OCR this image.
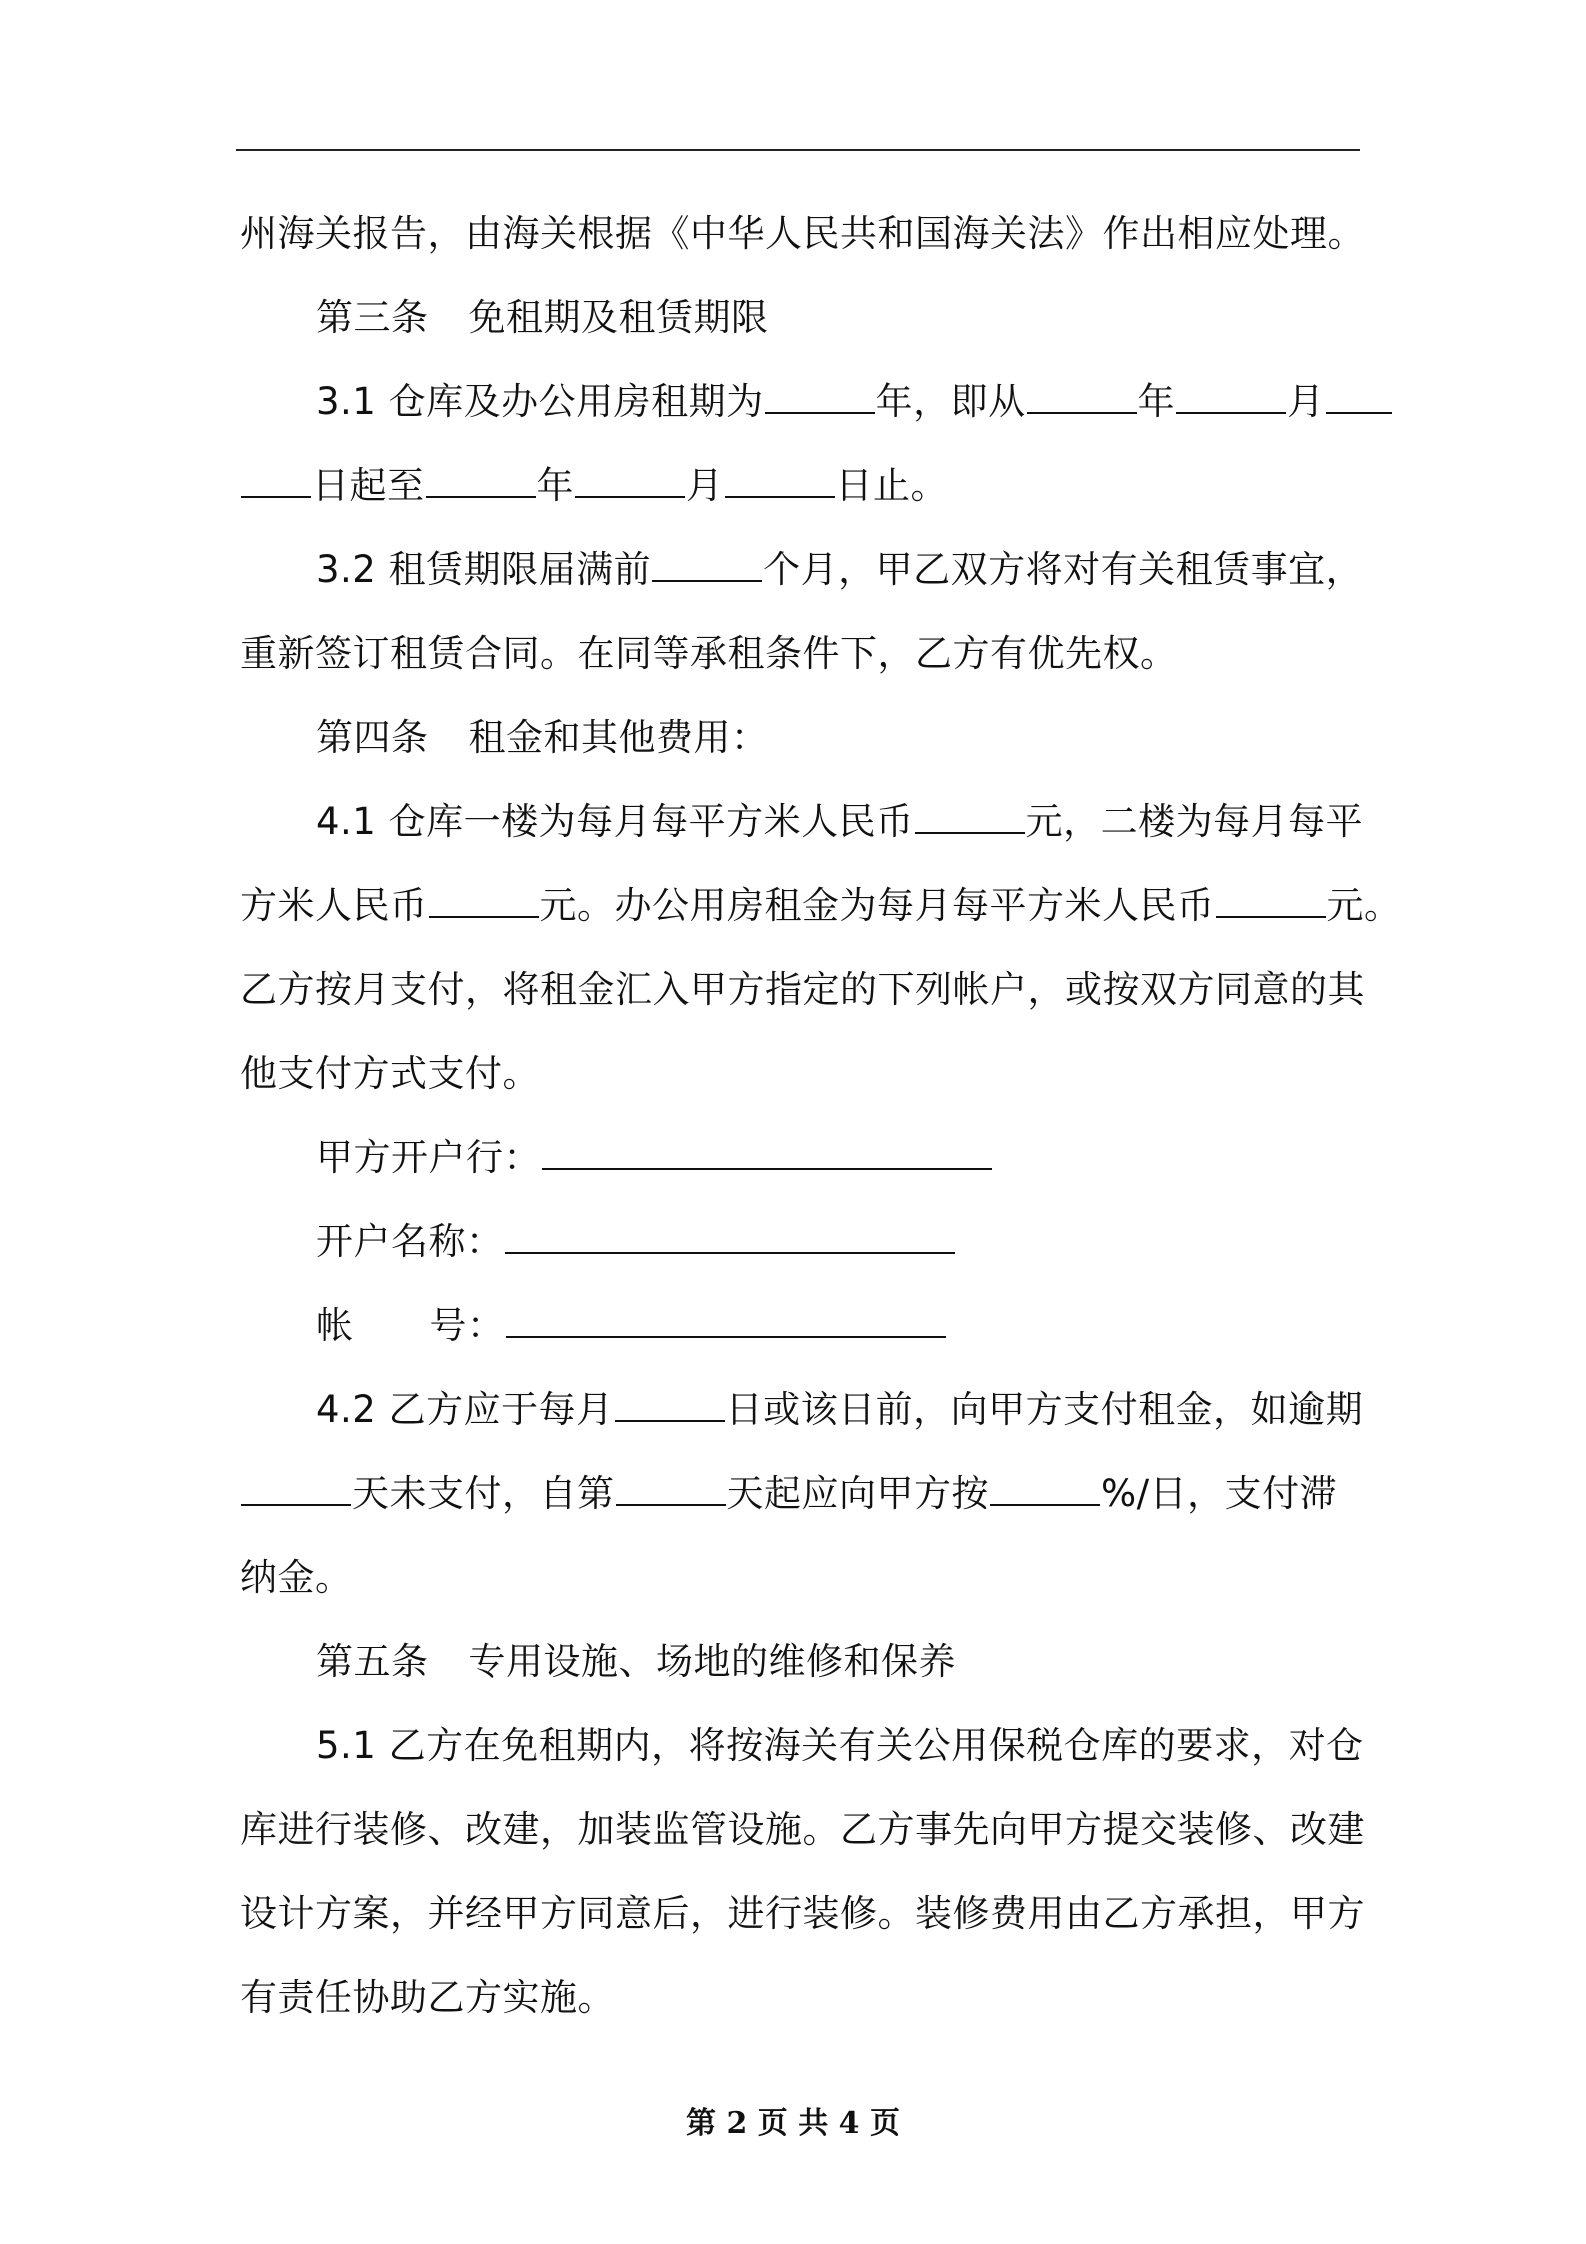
州海关报告，由海关根据《中华人民共和国海关法》作出相应处理。
第三条 免租期及租赁期限
3.1 仓库及办公用房租期为	年，即从	年	月
日起至	年	月	日止。
3.2 租赁期限届满前	个月，甲乙双方将对有关租赁事宜，
重新签订租赁合同。在同等承租条件下，乙方有优先权。
第四条 租金和其他费用：
4.1 仓库一楼为每月每平方米人民币	元，二楼为每月每平
方米人民币	元。办公用房租金为每月每平方米人民币	元。
乙方按月支付，将租金汇入甲方指定的下列帐户，或按双方同意的其
他支付方式支付。
甲方开户行：
开户名称：
帐 号：
4.2 乙方应于每月	日或该日前，向甲方支付租金，如逾期
天未支付，自第	天起应向甲方按	%/日，支付滞
纳金。
第五条 专用设施、场地的维修和保养
5.1 乙方在免租期内，将按海关有关公用保税仓库的要求，对仓
库进行装修、改建，加装监管设施。乙方事先向甲方提交装修、改建
设计方案，并经甲方同意后，进行装修。装修费用由乙方承担，甲方
有责任协助乙方实施。
第 2 页 共 4 页
